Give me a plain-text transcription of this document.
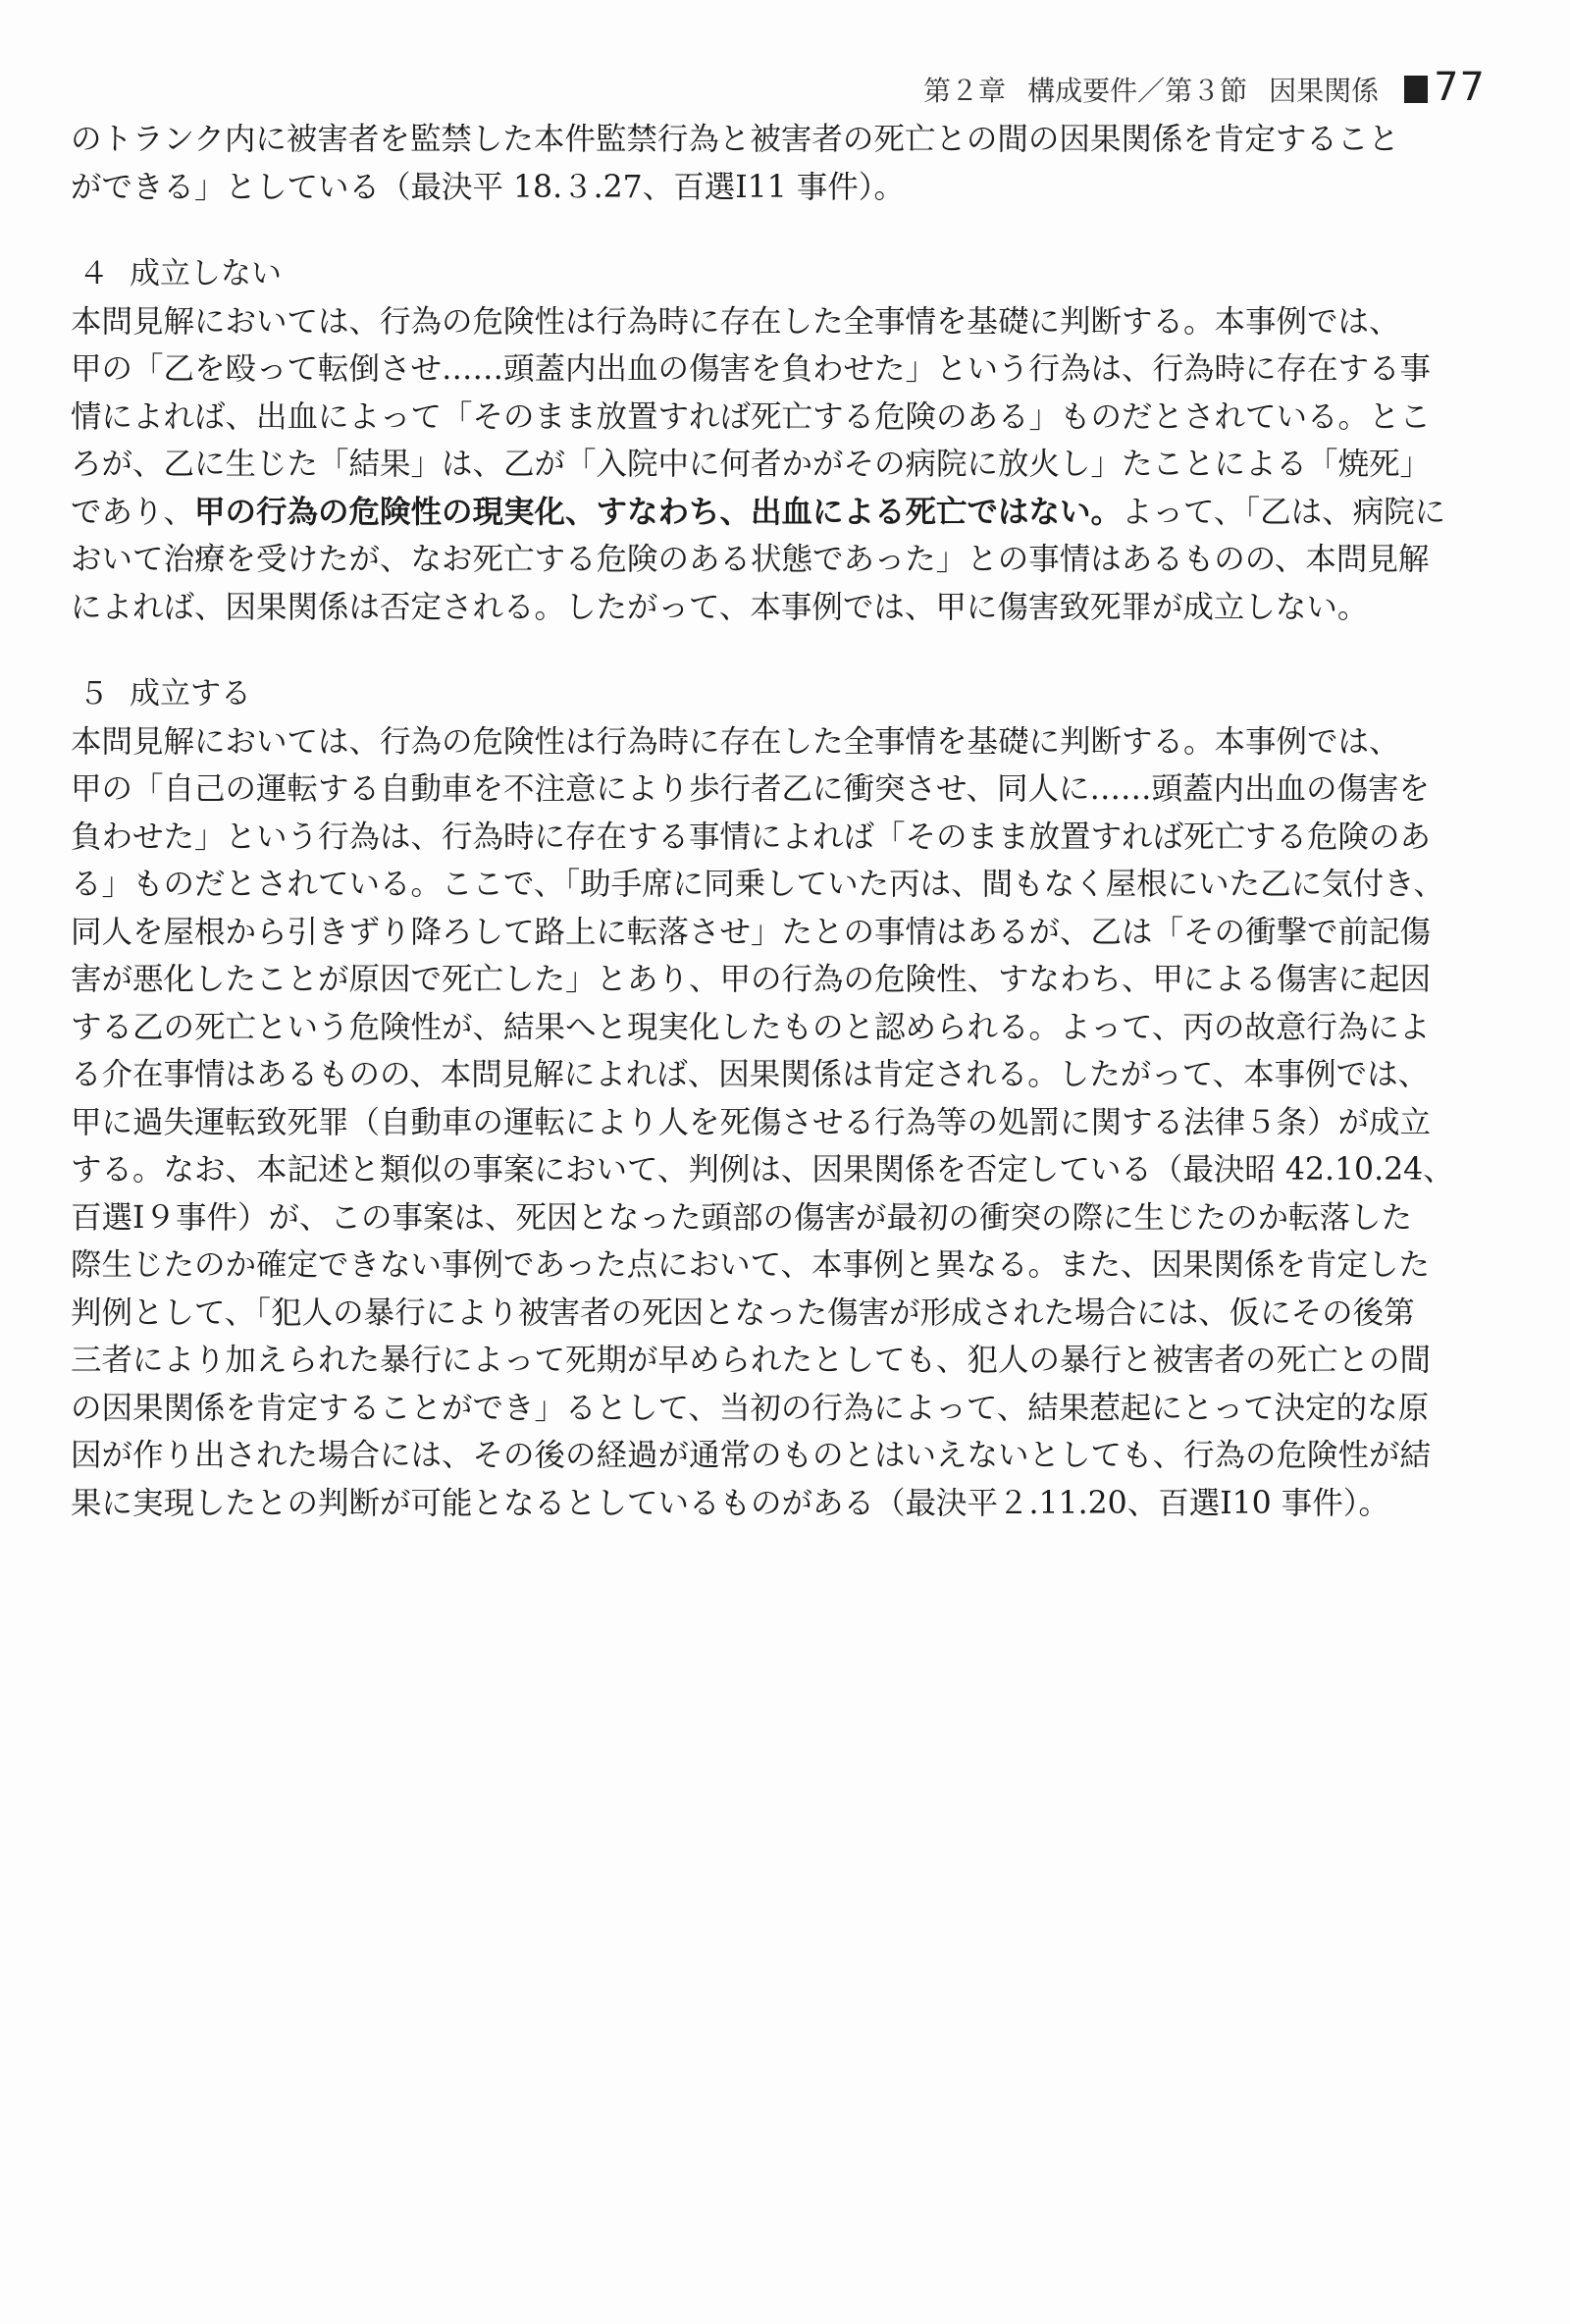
第２章 構成要件／第３節 因果関係 77
のトランク内に被害者を監禁した本件監禁行為と被害者の死亡との間の因果関係を肯定すること
ができる」としている（最決平 18.３.27、百選Ⅰ11 事件）。
４ 成立しない
本問見解においては、行為の危険性は行為時に存在した全事情を基礎に判断する。本事例では、
甲の「乙を殴って転倒させ……頭蓋内出血の傷害を負わせた」という行為は、行為時に存在する事
情によれば、出血によって「そのまま放置すれば死亡する危険のある」ものだとされている。とこ
ろが、乙に生じた「結果」は、乙が「入院中に何者かがその病院に放火し」たことによる「焼死」
であり、甲の行為の危険性の現実化、すなわち、出血による死亡ではない。よって、「乙は、病院に
おいて治療を受けたが、なお死亡する危険のある状態であった」との事情はあるものの、本問見解
によれば、因果関係は否定される。したがって、本事例では、甲に傷害致死罪が成立しない。
５ 成立する
本問見解においては、行為の危険性は行為時に存在した全事情を基礎に判断する。本事例では、
甲の「自己の運転する自動車を不注意により歩行者乙に衝突させ、同人に……頭蓋内出血の傷害を
負わせた」という行為は、行為時に存在する事情によれば「そのまま放置すれば死亡する危険のあ
る」ものだとされている。ここで、「助手席に同乗していた丙は、間もなく屋根にいた乙に気付き、
同人を屋根から引きずり降ろして路上に転落させ」たとの事情はあるが、乙は「その衝撃で前記傷
害が悪化したことが原因で死亡した」とあり、甲の行為の危険性、すなわち、甲による傷害に起因
する乙の死亡という危険性が、結果へと現実化したものと認められる。よって、丙の故意行為によ
る介在事情はあるものの、本問見解によれば、因果関係は肯定される。したがって、本事例では、
甲に過失運転致死罪（自動車の運転により人を死傷させる行為等の処罰に関する法律５条）が成立
する。なお、本記述と類似の事案において、判例は、因果関係を否定している（最決昭 42.10.24、
百選Ⅰ９事件）が、この事案は、死因となった頭部の傷害が最初の衝突の際に生じたのか転落した
際生じたのか確定できない事例であった点において、本事例と異なる。また、因果関係を肯定した
判例として、「犯人の暴行により被害者の死因となった傷害が形成された場合には、仮にその後第
三者により加えられた暴行によって死期が早められたとしても、犯人の暴行と被害者の死亡との間
の因果関係を肯定することができ」るとして、当初の行為によって、結果惹起にとって決定的な原
因が作り出された場合には、その後の経過が通常のものとはいえないとしても、行為の危険性が結
果に実現したとの判断が可能となるとしているものがある（最決平２.11.20、百選Ⅰ10 事件）。
